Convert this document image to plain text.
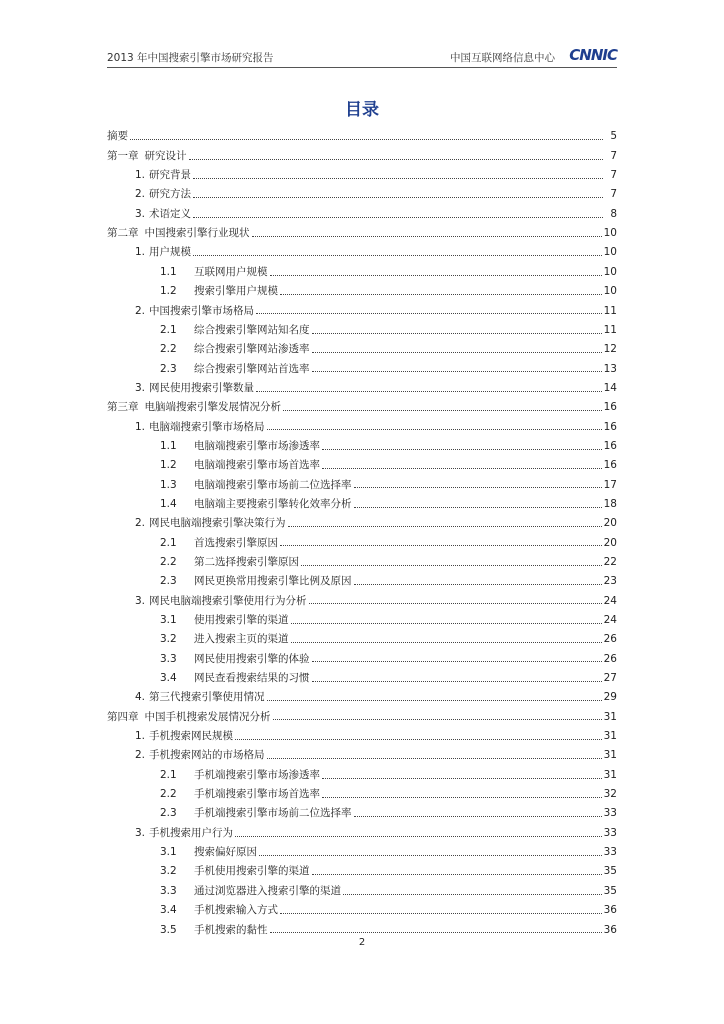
2013 年中国搜索引擎市场研究报告	中国互联网络信息中心 CNNIC
目录
摘要	5
第一章 研究设计	7
1. 研究背景	7
2. 研究方法	7
3. 术语定义	8
第二章 中国搜索引擎行业现状	10
1. 用户规模	10
1.1 互联网用户规模	10
1.2 搜索引擎用户规模	10
2. 中国搜索引擎市场格局	11
2.1 综合搜索引擎网站知名度	11
2.2 综合搜索引擎网站渗透率	12
2.3 综合搜索引擎网站首选率	13
3. 网民使用搜索引擎数量	14
第三章 电脑端搜索引擎发展情况分析	16
1. 电脑端搜索引擎市场格局	16
1.1 电脑端搜索引擎市场渗透率	16
1.2 电脑端搜索引擎市场首选率	16
1.3 电脑端搜索引擎市场前二位选择率	17
1.4 电脑端主要搜索引擎转化效率分析	18
2. 网民电脑端搜索引擎决策行为	20
2.1 首选搜索引擎原因	20
2.2 第二选择搜索引擎原因	22
2.3 网民更换常用搜索引擎比例及原因	23
3. 网民电脑端搜索引擎使用行为分析	24
3.1 使用搜索引擎的渠道	24
3.2 进入搜索主页的渠道	26
3.3 网民使用搜索引擎的体验	26
3.4 网民查看搜索结果的习惯	27
4. 第三代搜索引擎使用情况	29
第四章 中国手机搜索发展情况分析	31
1. 手机搜索网民规模	31
2. 手机搜索网站的市场格局	31
2.1 手机端搜索引擎市场渗透率	31
2.2 手机端搜索引擎市场首选率	32
2.3 手机端搜索引擎市场前二位选择率	33
3. 手机搜索用户行为	33
3.1 搜索偏好原因	33
3.2 手机使用搜索引擎的渠道	35
3.3 通过浏览器进入搜索引擎的渠道	35
3.4 手机搜索输入方式	36
3.5 手机搜索的黏性	36
2
